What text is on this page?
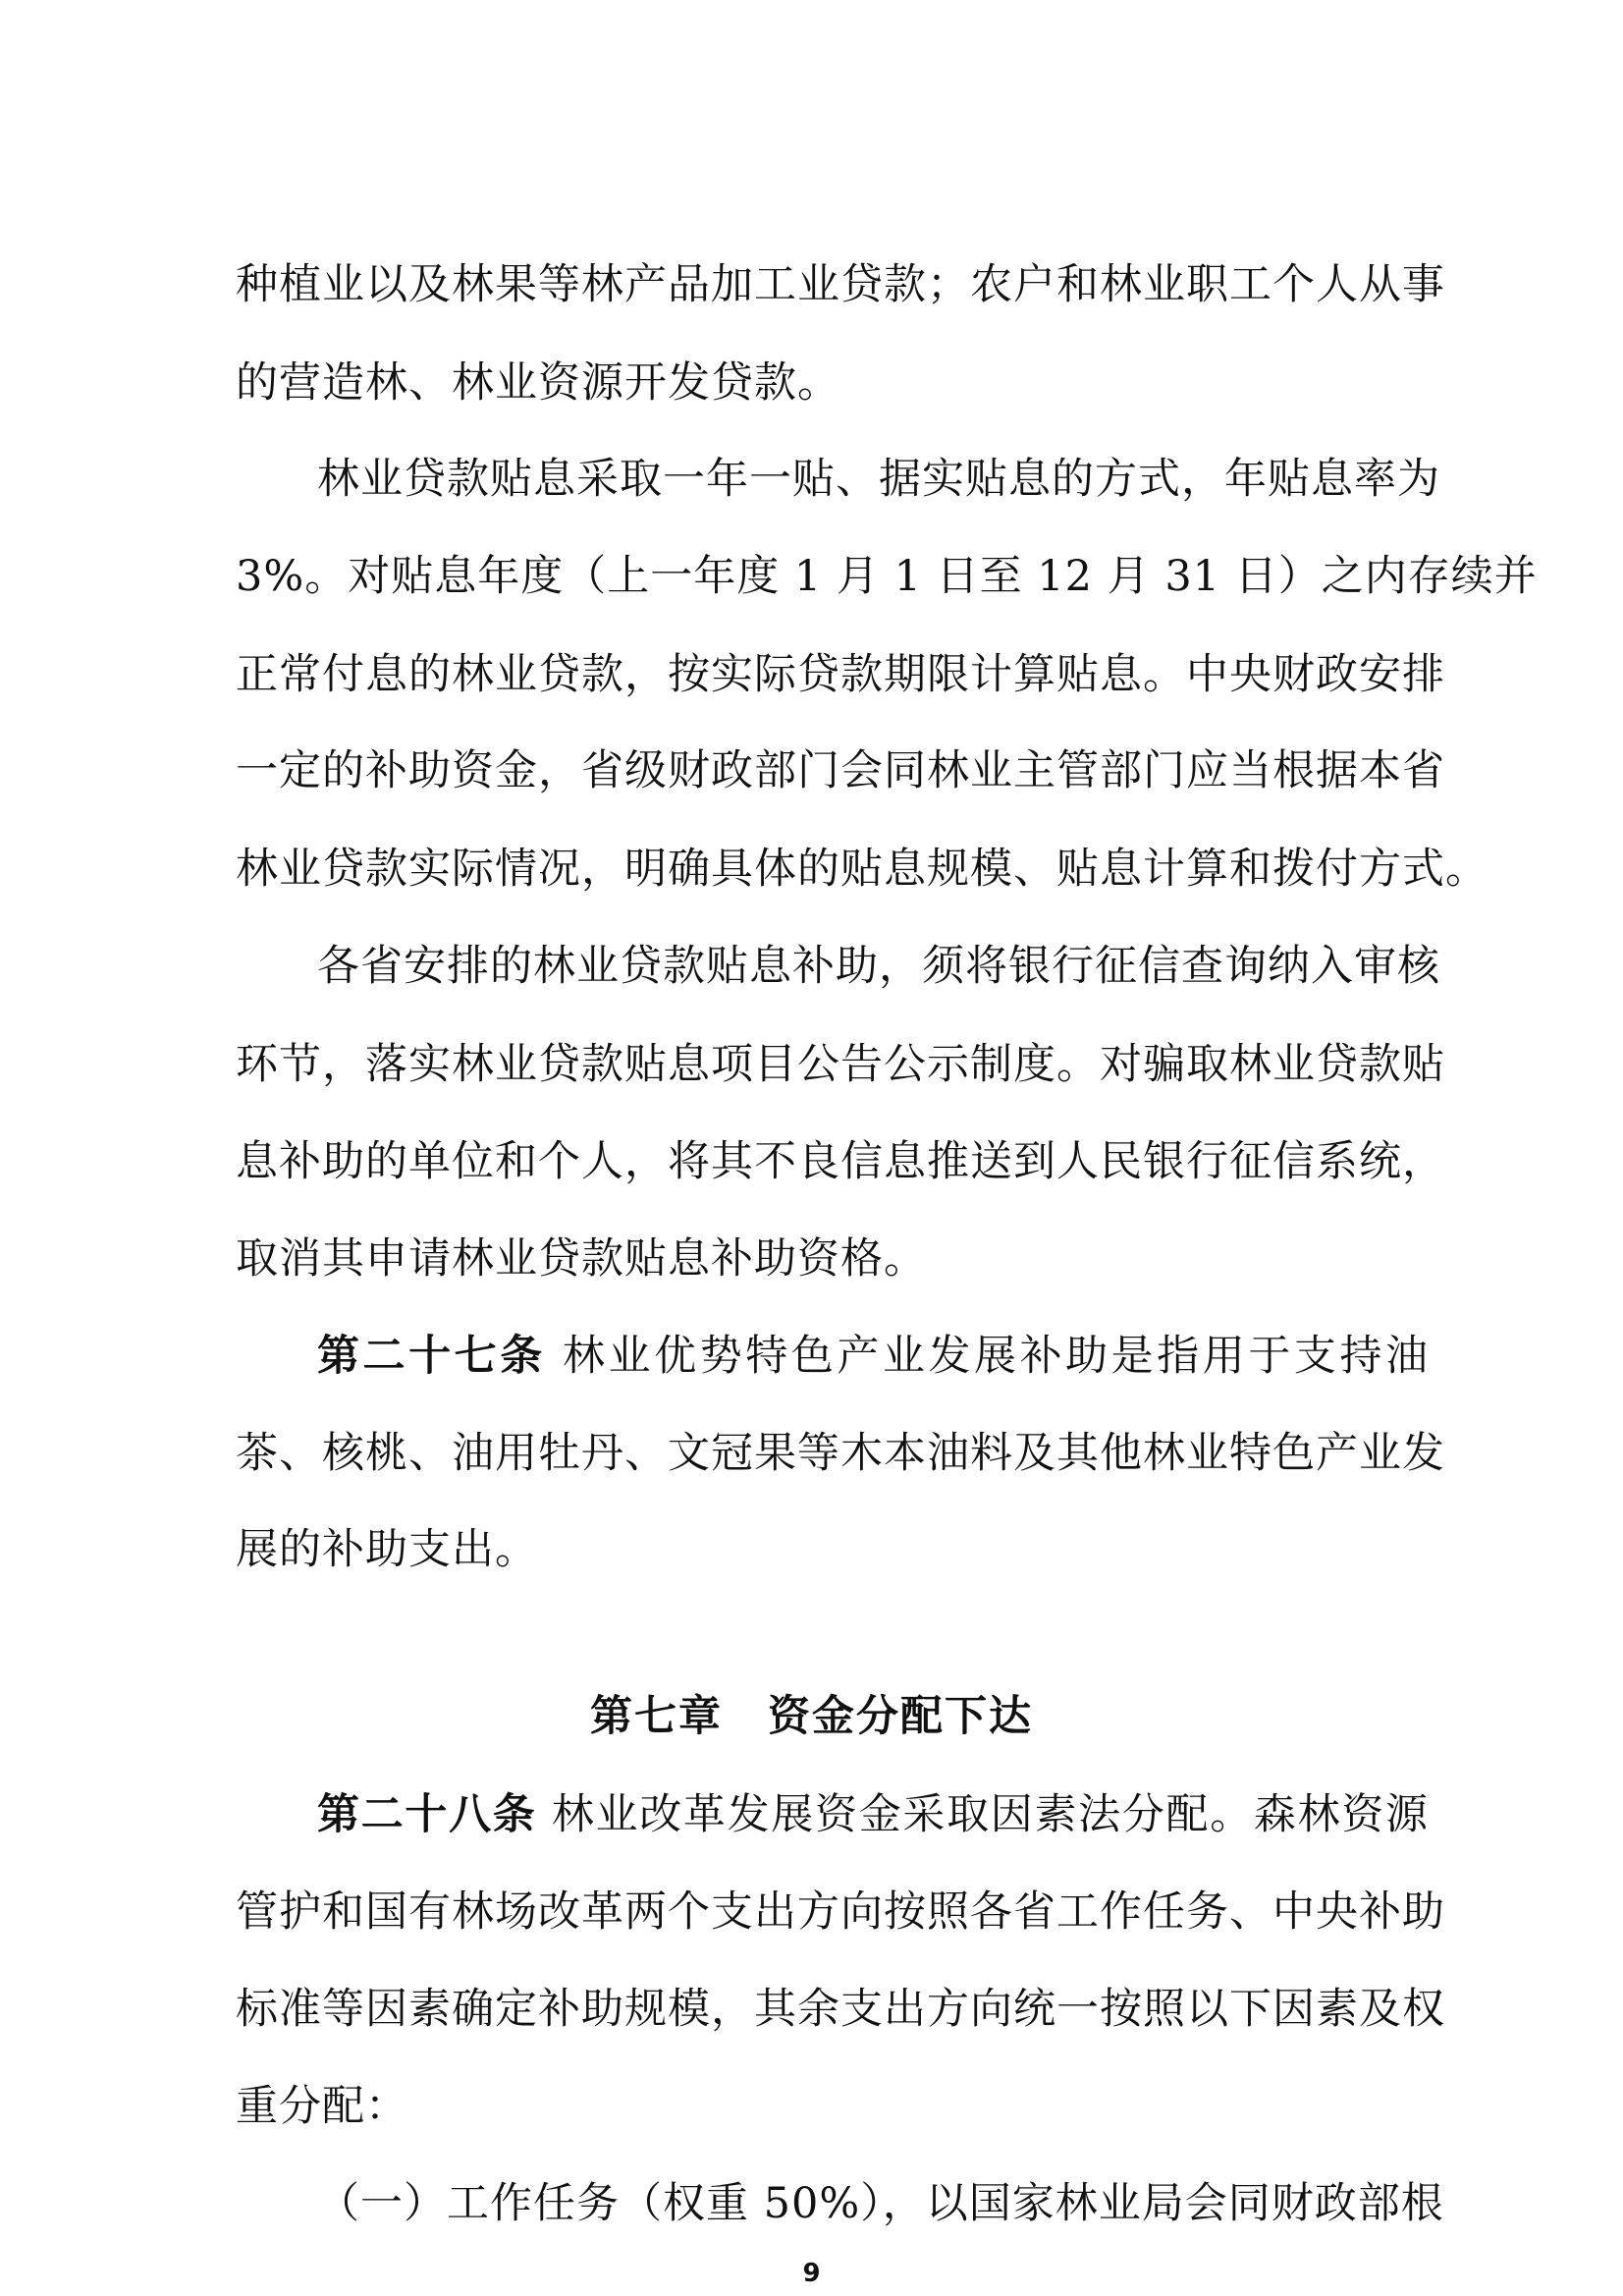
种植业以及林果等林产品加工业贷款；农户和林业职工个人从事
的营造林、林业资源开发贷款。
林业贷款贴息采取一年一贴、据实贴息的方式，年贴息率为
3%。对贴息年度（上一年度 1 月 1 日至 12 月 31 日）之内存续并
正常付息的林业贷款，按实际贷款期限计算贴息。中央财政安排
一定的补助资金，省级财政部门会同林业主管部门应当根据本省
林业贷款实际情况，明确具体的贴息规模、贴息计算和拨付方式。
各省安排的林业贷款贴息补助，须将银行征信查询纳入审核
环节，落实林业贷款贴息项目公告公示制度。对骗取林业贷款贴
息补助的单位和个人，将其不良信息推送到人民银行征信系统，
取消其申请林业贷款贴息补助资格。
第二十七条 林业优势特色产业发展补助是指用于支持油
茶、核桃、油用牡丹、文冠果等木本油料及其他林业特色产业发
展的补助支出。
第七章 资金分配下达
第二十八条 林业改革发展资金采取因素法分配。森林资源
管护和国有林场改革两个支出方向按照各省工作任务、中央补助
标准等因素确定补助规模，其余支出方向统一按照以下因素及权
重分配：
（一）工作任务（权重 50%），以国家林业局会同财政部根
9
